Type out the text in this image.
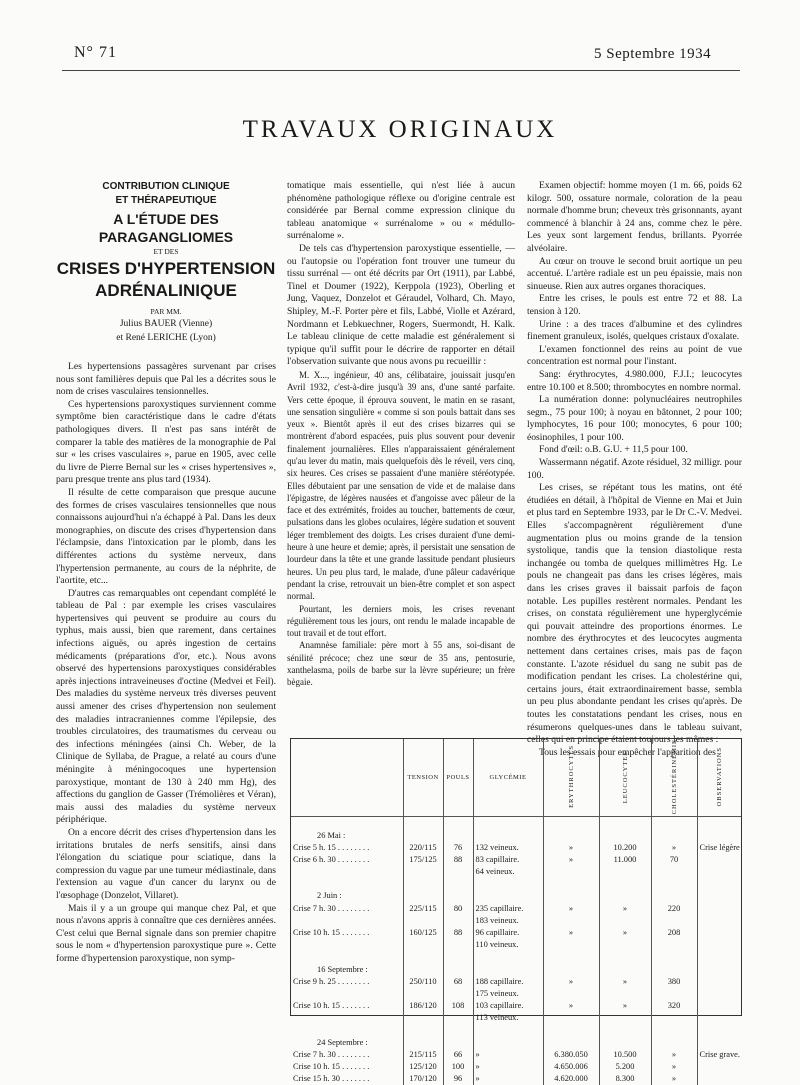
N° 71	5 Septembre 1934
TRAVAUX ORIGINAUX
CONTRIBUTION CLINIQUE
ET THÉRAPEUTIQUE
A L'ÉTUDE DES PARAGANGLIOMES
ET DES
CRISES D'HYPERTENSION
ADRÉNALINIQUE
PAR MM.
Julius BAUER (Vienne)
et René LERICHE (Lyon)

Les hypertensions passagères survenant par crises nous sont familières depuis que Pal les a décrites sous le nom de crises vasculaires tensionnelles.

Ces hypertensions paroxystiques surviennent comme symptôme bien caractéristique dans le cadre d'états pathologiques divers. Il n'est pas sans intérêt de comparer la table des matières de la monographie de Pal sur « les crises vasculaires », parue en 1905, avec celle du livre de Pierre Bernal sur les « crises hypertensives », paru presque trente ans plus tard (1934).

Il résulte de cette comparaison que presque aucune des formes de crises vasculaires tensionnelles que nous connaissons aujourd'hui n'a échappé à Pal. Dans les deux monographies, on discute des crises d'hypertension dans l'éclampsie, dans l'intoxication par le plomb, dans les différentes actions du système nerveux, dans l'hypertension permanente, au cours de la néphrite, de l'aortite, etc...

D'autres cas remarquables ont cependant complété le tableau de Pal : par exemple les crises vasculaires hypertensives qui peuvent se produire au cours du typhus, mais aussi, bien que rarement, dans certaines infections aiguës, ou après ingestion de certains médicaments (préparations d'or, etc.). Nous avons observé des hypertensions paroxystiques considérables après injections intraveineuses d'octine (Medvei et Feil). Des maladies du système nerveux très diverses peuvent aussi amener des crises d'hypertension non seulement des maladies intracraniennes comme l'épilepsie, des troubles circulatoires, des traumatismes du cerveau ou des infections méningées (ainsi Ch. Weber, de la Clinique de Syllaba, de Prague, a relaté au cours d'une méningite à méningocoques une hypertension paroxystique, montant de 130 à 240 mm Hg), des affections du ganglion de Gasser (Trémolières et Véran), mais aussi des maladies du système nerveux périphérique.

On a encore décrit des crises d'hypertension dans les irritations brutales de nerfs sensitifs, ainsi dans l'élongation du sciatique pour sciatique, dans la compression du vague par une tumeur médiastinale, dans l'extension au vague d'un cancer du larynx ou de l'œsophage (Donzelot, Villaret).

Mais il y a un groupe qui manque chez Pal, et que nous n'avons appris à connaître que ces dernières années. C'est celui que Bernal signale dans son premier chapitre sous le nom « d'hypertension paroxystique pure ». Cette forme d'hypertension paroxystique, non symp-

tomatique mais essentielle, qui n'est liée à aucun phénomène pathologique réflexe ou d'origine centrale est considérée par Bernal comme expression clinique du tableau anatomique « surrénalome » ou « médullo-surrénalome ».

De tels cas d'hypertension paroxystique essentielle, — ou l'autopsie ou l'opération font trouver une tumeur du tissu surrénal — ont été décrits par Ort (1911), par Labbé, Tinel et Doumer (1922), Kerppola (1923), Oberling et Jung, Vaquez, Donzelot et Géraudel, Volhard, Ch. Mayo, Shipley, M.-F. Porter père et fils, Labbé, Violle et Azérard, Nordmann et Lebkuechner, Rogers, Suermondt, H. Kalk. Le tableau clinique de cette maladie est généralement si typique qu'il suffit pour le décrire de rapporter en détail l'observation suivante que nous avons pu recueillir :

M. X..., ingénieur, 40 ans, célibataire, jouissait jusqu'en Avril 1932, c'est-à-dire jusqu'à 39 ans, d'une santé parfaite. Vers cette époque, il éprouva souvent, le matin en se rasant, une sensation singulière « comme si son pouls battait dans ses yeux ». Bientôt après il eut des crises bizarres qui se montrèrent d'abord espacées, puis plus souvent pour devenir finalement journalières. Elles n'apparaissaient généralement qu'au lever du matin, mais quelquefois dès le réveil, vers cinq, six heures. Ces crises se passaient d'une manière stéréotypée. Elles débutaient par une sensation de vide et de malaise dans l'épigastre, de légères nausées et d'angoisse avec pâleur de la face et des extrémités, froides au toucher, battements de cœur, pulsations dans les globes oculaires, légère sudation et souvent léger tremblement des doigts. Les crises duraient d'une demi-heure à une heure et demie; après, il persistait une sensation de lourdeur dans la tête et une grande lassitude pendant plusieurs heures. Un peu plus tard, le malade, d'une pâleur cadavérique pendant la crise, retrouvait un bien-être complet et son aspect normal.

Pourtant, les derniers mois, les crises revenant régulièrement tous les jours, ont rendu le malade incapable de tout travail et de tout effort.

Anamnèse familiale: père mort à 55 ans, soi-disant de sénilité précoce; chez une sœur de 35 ans, pentosurie, xanthelasma, poils de barbe sur la lèvre supérieure; un frère bègaie.

Examen objectif: homme moyen (1 m. 66, poids 62 kilogr. 500, ossature normale, coloration de la peau normale d'homme brun; cheveux très grisonnants, ayant commencé à blanchir à 24 ans, comme chez le père. Les yeux sont largement fendus, brillants. Pyorrée alvéolaire.

Au cœur on trouve le second bruit aortique un peu accentué. L'artère radiale est un peu épaissie, mais non sinueuse. Rien aux autres organes thoraciques.

Entre les crises, le pouls est entre 72 et 88. La tension à 120.

Urine : a des traces d'albumine et des cylindres finement granuleux, isolés, quelques cristaux d'oxalate.

L'examen fonctionnel des reins au point de vue concentration est normal pour l'instant.

Sang: érythrocytes, 4.980.000, F.J.I.; leucocytes entre 10.100 et 8.500; thrombocytes en nombre normal.

La numération donne: polynucléaires neutrophiles segm., 75 pour 100; à noyau en bâtonnet, 2 pour 100; lymphocytes, 16 pour 100; monocytes, 6 pour 100; éosinophiles, 1 pour 100.

Fond d'œil: o.B. G.U. + 11,5 pour 100.

Wassermann négatif. Azote résiduel, 32 milligr. pour 100.

Les crises, se répétant tous les matins, ont été étudiées en détail, à l'hôpital de Vienne en Mai et Juin et plus tard en Septembre 1933, par le Dr C.-V. Medvei. Elles s'accompagnèrent régulièrement d'une augmentation plus ou moins grande de la tension systolique, tandis que la tension diastolique resta inchangée ou tomba de quelques millimètres Hg. Le pouls ne changeait pas dans les crises légères, mais dans les crises graves il baissait parfois de façon notable. Les pupilles restèrent normales. Pendant les crises, on constata régulièrement une hyperglycémie qui pouvait atteindre des proportions énormes. Le nombre des érythrocytes et des leucocytes augmenta nettement dans certaines crises, mais pas de façon constante. L'azote résiduel du sang ne subit pas de modification pendant les crises. La cholestérine qui, certains jours, était extraordinairement basse, sembla un peu plus abondante pendant les crises qu'après. De toutes les constatations pendant les crises, nous en résumerons quelques-unes dans le tableau suivant, celles qui en principe étaient toujours les mêmes :

Tous les essais pour empêcher l'apparition des

	TENSION	POULS	GLYCÉMIE	ERYTHROCYTES	LEUCOCYTES	CHOLESTÉRINÉMIE	OBSERVATIONS

26 Mai :							
Crise 5 h. 15 . . . . . . . .	220/115	76	132 veineux.	»	10.200	»	Crise légère
Crise 6 h. 30 . . . . . . . .	175/125	88	83 capillaire.	»	11.000	70	
			64 veineux.				

2 Juin :							
Crise 7 h. 30 . . . . . . . .	225/115	80	235 capillaire.	»	»	220	
			183 veineux.				
Crise 10 h. 15 . . . . . . .	160/125	88	96 capillaire.	»	»	208	
			110 veineux.				

16 Septembre :							
Crise 9 h. 25 . . . . . . . .	250/110	68	188 capillaire.	»	»	380	
			175 veineux.				
Crise 10 h. 15 . . . . . . .	186/120	108	103 capillaire.	»	»	320	
			113 veineux.				

24 Septembre :							
Crise 7 h. 30 . . . . . . . .	215/115	66	»	6.380.050	10.500	»	Crise grave.
Crise 10 h. 15 . . . . . . .	125/120	100	»	4.650.006	5.200	»	
Crise 15 h. 30 . . . . . . .	170/120	96	»	4.620.000	8.300	»	
